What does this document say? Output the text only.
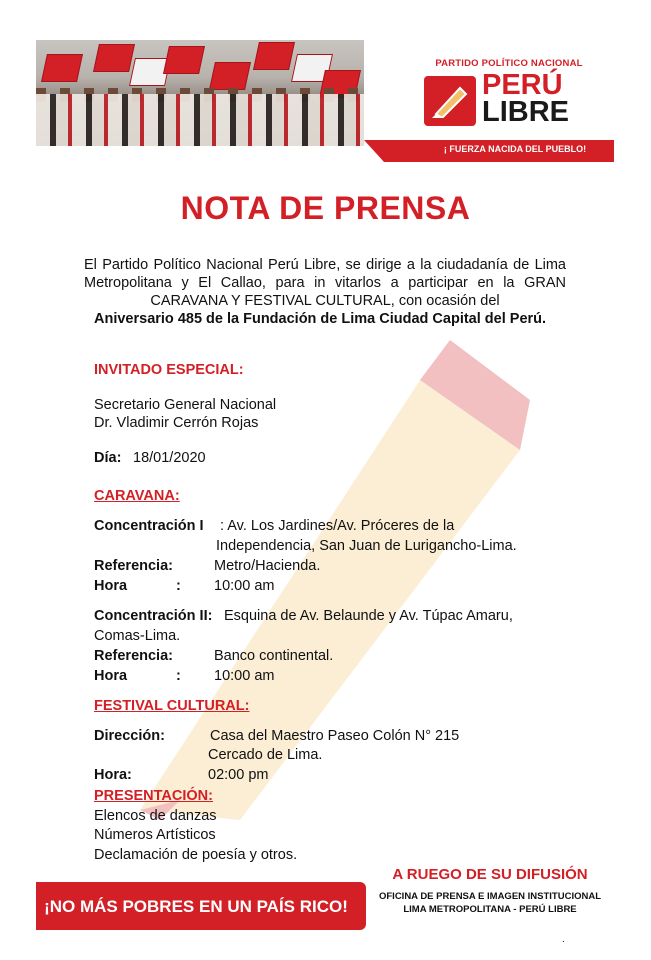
PARTIDO POLÍTICO NACIONAL
PERÚ
LIBRE
¡ FUERZA NACIDA DEL PUEBLO!
NOTA DE PRENSA
El Partido Político Nacional Perú Libre, se dirige a la ciudadanía de Lima Metropolitana y El Callao, para in vitarlos a participar en la GRAN CARAVANA Y FESTIVAL CULTURAL, con ocasión del
Aniversario 485 de la Fundación de Lima Ciudad Capital del Perú.
INVITADO ESPECIAL:
Secretario General Nacional
Dr. Vladimir Cerrón Rojas
Día: 18/01/2020
CARAVANA:
Concentración I : Av. Los Jardines/Av. Próceres de la
Independencia, San Juan de Lurigancho-Lima.
Referencia:	Metro/Hacienda.
Hora	: 10:00 am
Concentración II: Esquina de Av. Belaunde y Av. Túpac Amaru,
Comas-Lima.
Referencia:	Banco continental.
Hora	: 10:00 am
FESTIVAL CULTURAL:
Dirección:	Casa del Maestro Paseo Colón N° 215
Cercado de Lima.
Hora:	02:00 pm
PRESENTACIÓN:
Elencos de danzas
Números Artísticos
Declamación de poesía y otros.
¡NO MÁS POBRES EN UN PAÍS RICO!
A RUEGO DE SU DIFUSIÓN
OFICINA DE PRENSA E IMAGEN INSTITUCIONAL
LIMA METROPOLITANA - PERÚ LIBRE
.
